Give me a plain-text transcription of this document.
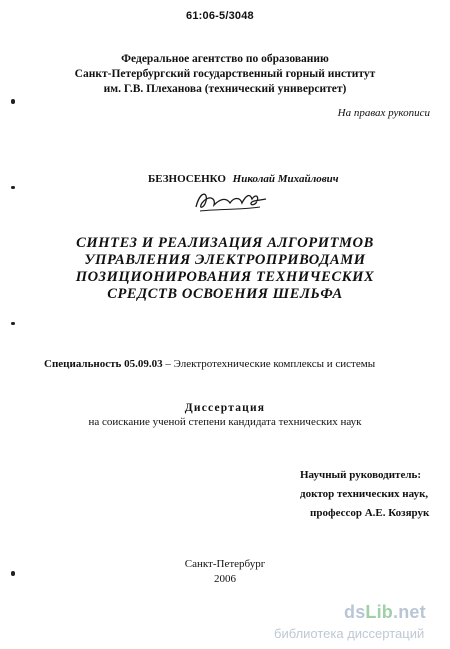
61:06-5/3048
Федеральное агентство по образованию
Санкт-Петербургский государственный горный институт
им. Г.В. Плеханова (технический университет)
На правах рукописи
БЕЗНОСЕНКО Николай Михайлович
СИНТЕЗ И РЕАЛИЗАЦИЯ АЛГОРИТМОВ
УПРАВЛЕНИЯ ЭЛЕКТРОПРИВОДАМИ
ПОЗИЦИОНИРОВАНИЯ ТЕХНИЧЕСКИХ
СРЕДСТВ ОСВОЕНИЯ ШЕЛЬФА
Специальность 05.09.03 – Электротехнические комплексы и системы
Диссертация
на соискание ученой степени кандидата технических наук
Научный руководитель:
доктор технических наук,
профессор А.Е. Козярук
Санкт-Петербург
2006
dsLib.net
библиотека диссертаций
